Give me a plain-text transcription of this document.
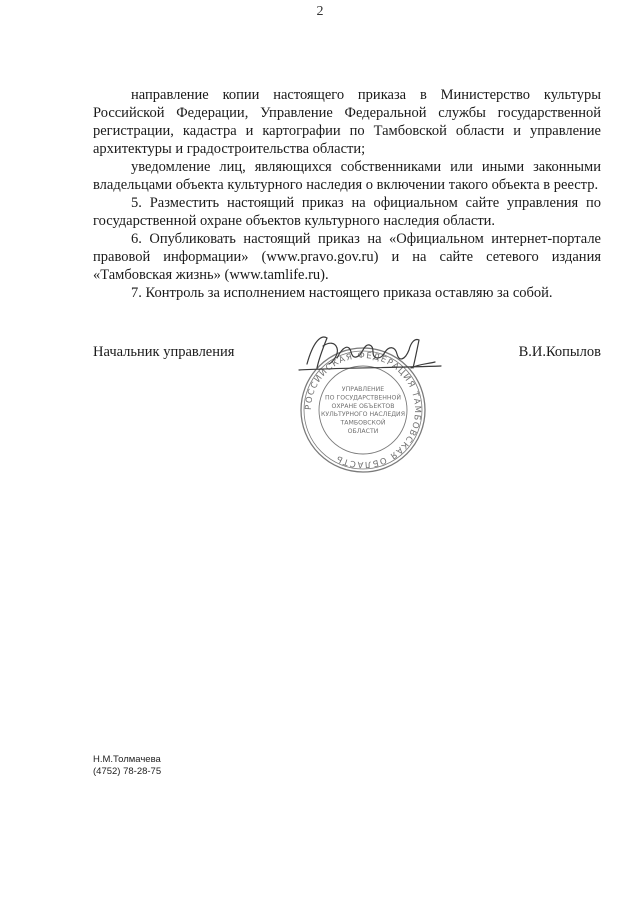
2

направление копии настоящего приказа в Министерство культуры Российской Федерации, Управление Федеральной службы государственной регистрации, кадастра и картографии по Тамбовской области и управление архитектуры и градостроительства области;

уведомление лиц, являющихся собственниками или иными законными владельцами объекта культурного наследия о включении такого объекта в реестр.

5. Разместить настоящий приказ на официальном сайте управления по государственной охране объектов культурного наследия области.

6. Опубликовать настоящий приказ на «Официальном интернет-портале правовой информации» (www.pravo.gov.ru) и на сайте сетевого издания «Тамбовская жизнь» (www.tamlife.ru).

7. Контроль за исполнением настоящего приказа оставляю за собой.

Начальник управления
РОССИЙСКАЯ ФЕДЕРАЦИЯ ТАМБОВСКАЯ ОБЛАСТЬ
УПРАВЛЕНИЕ
ПО ГОСУДАРСТВЕННОЙ
ОХРАНЕ ОБЪЕКТОВ
КУЛЬТУРНОГО НАСЛЕДИЯ
ТАМБОВСКОЙ
ОБЛАСТИ
В.И.Копылов
Н.М.Толмачева
(4752) 78-28-75
